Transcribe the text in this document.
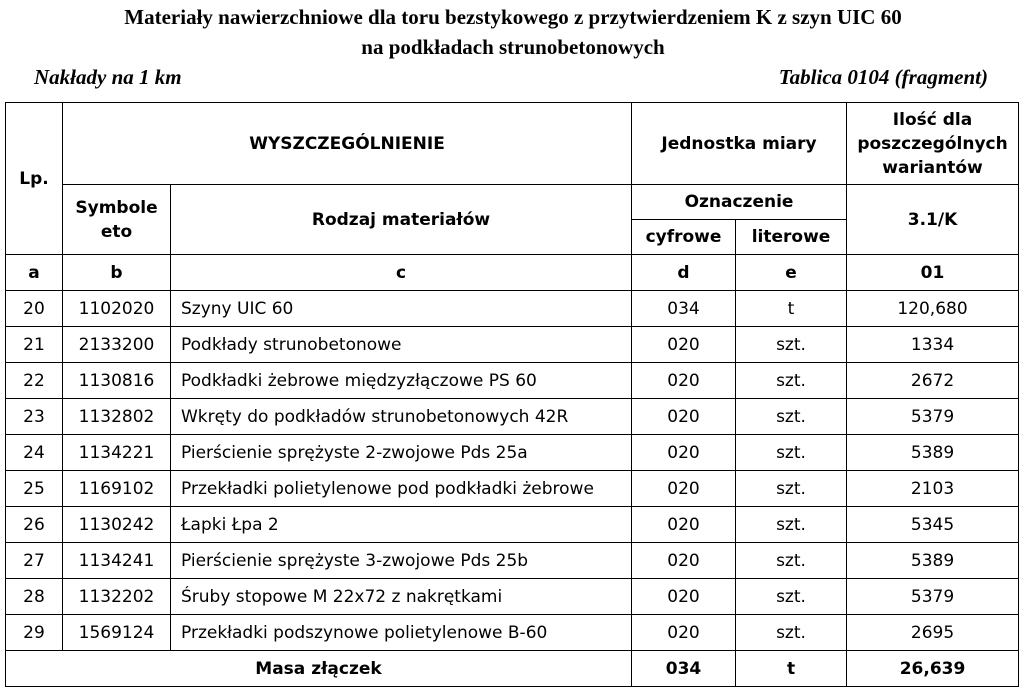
Materiały nawierzchniowe dla toru bezstykowego z przytwierdzeniem K z szyn UIC 60
na podkładach strunobetonowych
Nakłady na 1 km	Tablica 0104 (fragment)
Lp.	WYSZCZEGÓLNIENIE		Jednostka miary		Ilość dla poszczególnych wariantów
	Symbole eto	Rodzaj materiałów	Oznaczenie		3.1/K
			cyfrowe	literowe	
a	b	c	d	e	01
20	1102020	Szyny UIC 60	034	t	120,680
21	2133200	Podkłady strunobetonowe	020	szt.	1334
22	1130816	Podkładki żebrowe międzyzłączowe PS 60	020	szt.	2672
23	1132802	Wkręty do podkładów strunobetonowych 42R	020	szt.	5379
24	1134221	Pierścienie sprężyste 2-zwojowe Pds 25a	020	szt.	5389
25	1169102	Przekładki polietylenowe pod podkładki żebrowe	020	szt.	2103
26	1130242	Łapki Łpa 2	020	szt.	5345
27	1134241	Pierścienie sprężyste 3-zwojowe Pds 25b	020	szt.	5389
28	1132202	Śruby stopowe M 22x72 z nakrętkami	020	szt.	5379
29	1569124	Przekładki podszynowe polietylenowe B-60	020	szt.	2695
Masa złączek			034	t	26,639
